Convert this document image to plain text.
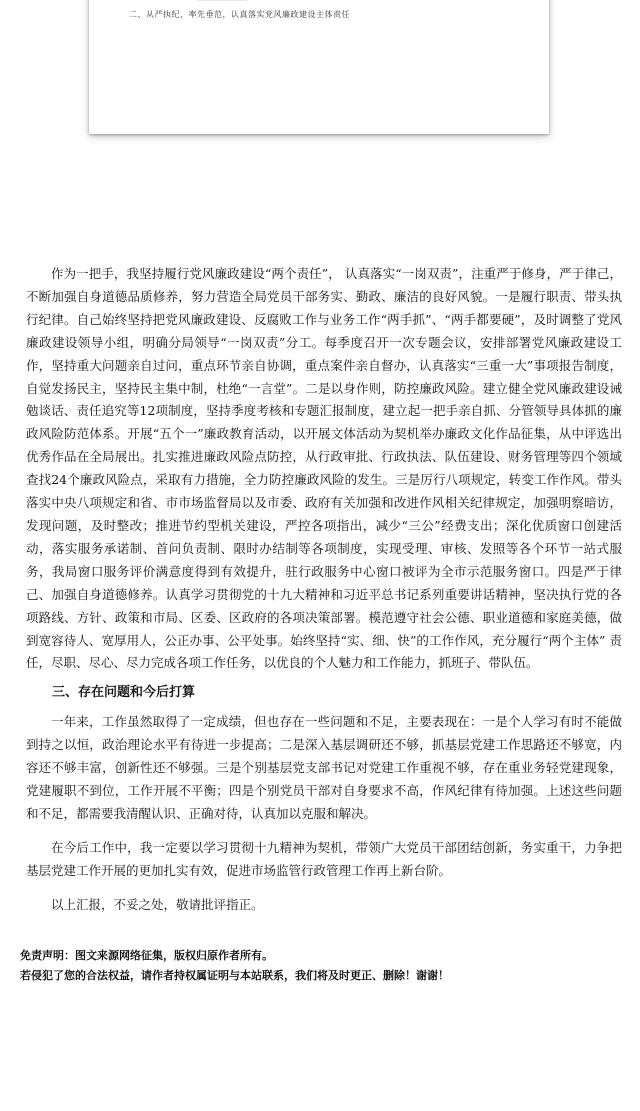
二、从严执纪，率先垂范，认真落实党风廉政建设主体责任

作为一把手，我坚持履行党风廉政建设“两个责任”， 认真落实“一岗双责”，注重严于修身，严于律己，不断加强自身道德品质修养，努力营造全局党员干部务实、勤政、廉洁的良好风貌。一是履行职责、带头执行纪律。自己始终坚持把党风廉政建设、反腐败工作与业务工作“两手抓”、“两手都要硬”，及时调整了党风廉政建设领导小组，明确分局领导“一岗双责”分工。每季度召开一次专题会议，安排部署党风廉政建设工作，坚持重大问题亲自过问，重点环节亲自协调，重点案件亲自督办，认真落实“三重一大”事项报告制度，自觉发扬民主，坚持民主集中制，杜绝“一言堂”。二是以身作则，防控廉政风险。建立健全党风廉政建设诫勉谈话、责任追究等12项制度，坚持季度考核和专题汇报制度，建立起一把手亲自抓、分管领导具体抓的廉政风险防范体系。开展“五个一”廉政教育活动，以开展文体活动为契机举办廉政文化作品征集，从中评选出优秀作品在全局展出。扎实推进廉政风险点防控，从行政审批、行政执法、队伍建设、财务管理等四个领域查找24个廉政风险点，采取有力措施，全力防控廉政风险的发生。三是厉行八项规定，转变工作作风。带头落实中央八项规定和省、市市场监督局以及市委、政府有关加强和改进作风相关纪律规定，加强明察暗访，发现问题，及时整改；推进节约型机关建设，严控各项指出，减少“三公”经费支出；深化优质窗口创建活动，落实服务承诺制、首问负责制、限时办结制等各项制度，实现受理、审核、发照等各个环节一站式服务，我局窗口服务评价满意度得到有效提升，驻行政服务中心窗口被评为全市示范服务窗口。四是严于律己、加强自身道德修养。认真学习贯彻党的十九大精神和习近平总书记系列重要讲话精神，坚决执行党的各项路线、方针、政策和市局、区委、区政府的各项决策部署。模范遵守社会公德、职业道德和家庭美德，做到宽容待人、宽厚用人，公正办事、公平处事。始终坚持“实、细、快”的工作作风，充分履行“两个主体” 责任，尽职、尽心、尽力完成各项工作任务，以优良的个人魅力和工作能力，抓班子、带队伍。

三、存在问题和今后打算

一年来，工作虽然取得了一定成绩，但也存在一些问题和不足，主要表现在：一是个人学习有时不能做到持之以恒，政治理论水平有待进一步提高；二是深入基层调研还不够，抓基层党建工作思路还不够宽，内容还不够丰富，创新性还不够强。三是个别基层党支部书记对党建工作重视不够，存在重业务轻党建现象，党建履职不到位，工作开展不平衡；四是个别党员干部对自身要求不高，作风纪律有待加强。上述这些问题和不足，都需要我清醒认识、正确对待，认真加以克服和解决。

在今后工作中，我一定要以学习贯彻十九精神为契机，带领广大党员干部团结创新，务实重干，力争把基层党建工作开展的更加扎实有效，促进市场监管行政管理工作再上新台阶。

以上汇报，不妥之处，敬请批评指正。

免责声明：图文来源网络征集，版权归原作者所有。
若侵犯了您的合法权益，请作者持权属证明与本站联系，我们将及时更正、删除！谢谢！
